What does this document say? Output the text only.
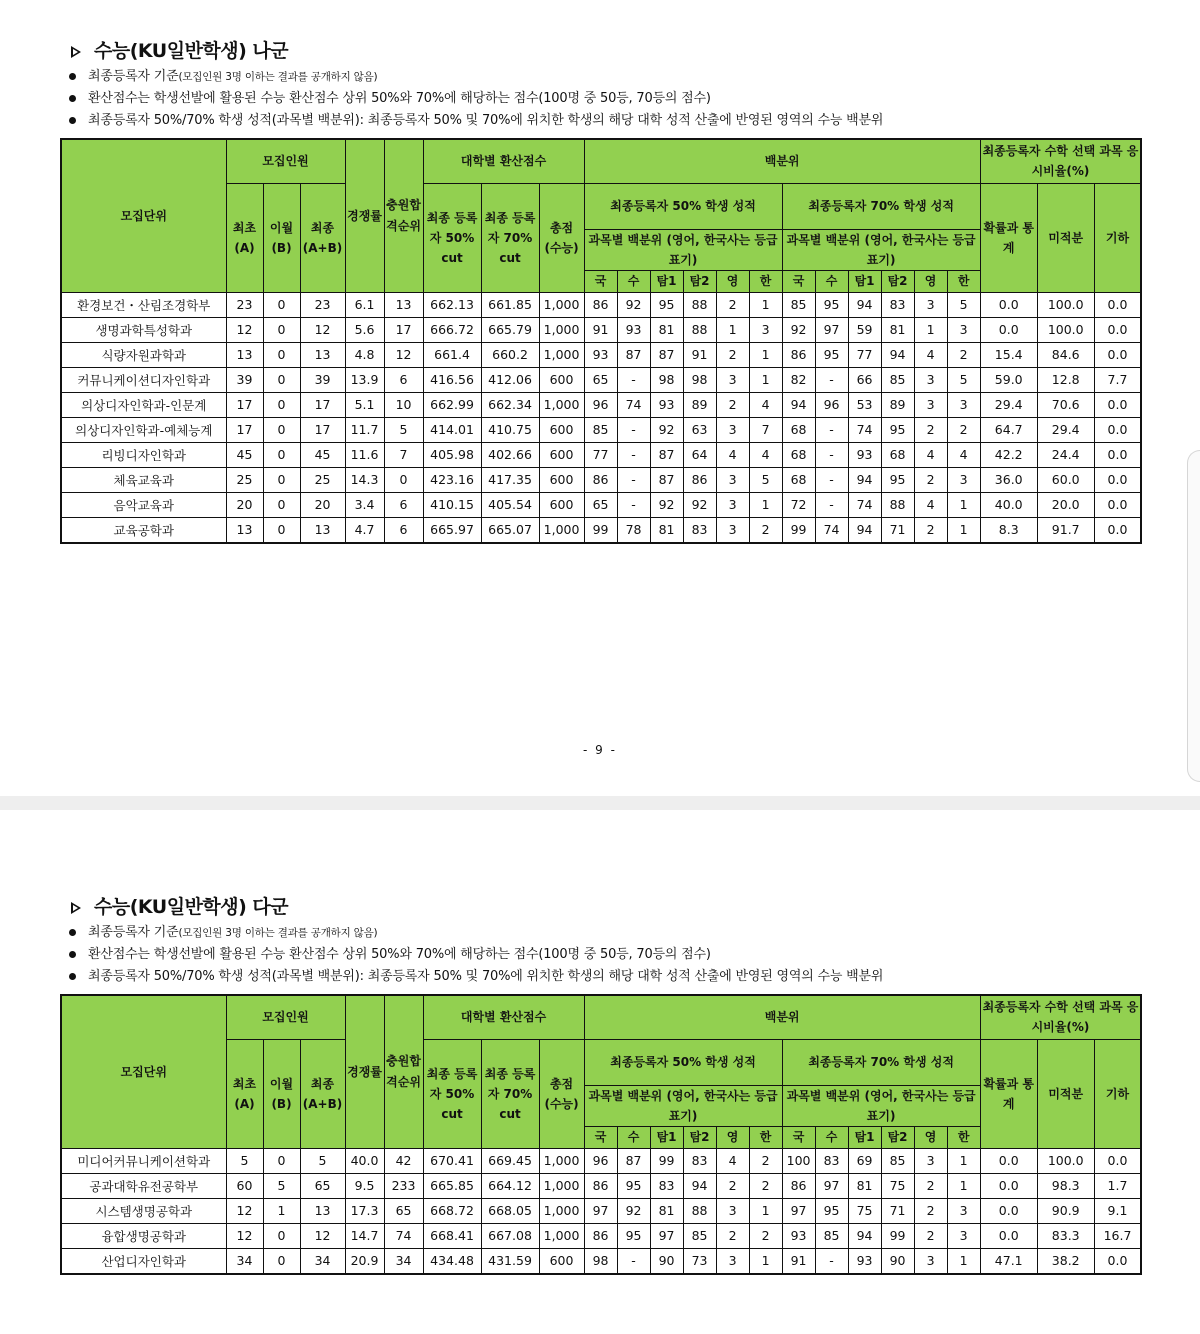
수능(KU일반학생) 나군
최종등록자 기준(모집인원 3명 이하는 결과를 공개하지 않음)
환산점수는 학생선발에 활용된 수능 환산점수 상위 50%와 70%에 해당하는 점수(100명 중 50등, 70등의 점수)
최종등록자 50%/70% 학생 성적(과목별 백분위): 최종등록자 50% 및 70%에 위치한 학생의 해당 대학 성적 산출에 반영된 영역의 수능 백분위
모집단위	모집인원			경쟁률	충원합격순위	대학별 환산점수			백분위												최종등록자 수학 선택 과목 응시비율(%)		
	최초 (A)	이월 (B)	최종 (A+B)			최종 등록자 50% cut	최종 등록자 70% cut	총점 (수능)	최종등록자 50% 학생 성적						최종등록자 70% 학생 성적						확률과 통계	미적분	기하
									과목별 백분위 (영어, 한국사는 등급 표기)						과목별 백분위 (영어, 한국사는 등급 표기)								
									국	수	탐1	탐2	영	한	국	수	탐1	탐2	영	한			
환경보건・산림조경학부	23	0	23	6.1	13	662.13	661.85	1,000	86	92	95	88	2	1	85	95	94	83	3	5	0.0	100.0	0.0
생명과학특성학과	12	0	12	5.6	17	666.72	665.79	1,000	91	93	81	88	1	3	92	97	59	81	1	3	0.0	100.0	0.0
식량자원과학과	13	0	13	4.8	12	661.4	660.2	1,000	93	87	87	91	2	1	86	95	77	94	4	2	15.4	84.6	0.0
커뮤니케이션디자인학과	39	0	39	13.9	6	416.56	412.06	600	65	-	98	98	3	1	82	-	66	85	3	5	59.0	12.8	7.7
의상디자인학과-인문계	17	0	17	5.1	10	662.99	662.34	1,000	96	74	93	89	2	4	94	96	53	89	3	3	29.4	70.6	0.0
의상디자인학과-예체능계	17	0	17	11.7	5	414.01	410.75	600	85	-	92	63	3	7	68	-	74	95	2	2	64.7	29.4	0.0
리빙디자인학과	45	0	45	11.6	7	405.98	402.66	600	77	-	87	64	4	4	68	-	93	68	4	4	42.2	24.4	0.0
체육교육과	25	0	25	14.3	0	423.16	417.35	600	86	-	87	86	3	5	68	-	94	95	2	3	36.0	60.0	0.0
음악교육과	20	0	20	3.4	6	410.15	405.54	600	65	-	92	92	3	1	72	-	74	88	4	1	40.0	20.0	0.0
교육공학과	13	0	13	4.7	6	665.97	665.07	1,000	99	78	81	83	3	2	99	74	94	71	2	1	8.3	91.7	0.0
- 9 -
수능(KU일반학생) 다군
최종등록자 기준(모집인원 3명 이하는 결과를 공개하지 않음)
환산점수는 학생선발에 활용된 수능 환산점수 상위 50%와 70%에 해당하는 점수(100명 중 50등, 70등의 점수)
최종등록자 50%/70% 학생 성적(과목별 백분위): 최종등록자 50% 및 70%에 위치한 학생의 해당 대학 성적 산출에 반영된 영역의 수능 백분위
모집단위	모집인원			경쟁률	충원합격순위	대학별 환산점수			백분위												최종등록자 수학 선택 과목 응시비율(%)		
	최초 (A)	이월 (B)	최종 (A+B)			최종 등록자 50% cut	최종 등록자 70% cut	총점 (수능)	최종등록자 50% 학생 성적						최종등록자 70% 학생 성적						확률과 통계	미적분	기하
									과목별 백분위 (영어, 한국사는 등급 표기)						과목별 백분위 (영어, 한국사는 등급 표기)								
									국	수	탐1	탐2	영	한	국	수	탐1	탐2	영	한			
미디어커뮤니케이션학과	5	0	5	40.0	42	670.41	669.45	1,000	96	87	99	83	4	2	100	83	69	85	3	1	0.0	100.0	0.0
공과대학유전공학부	60	5	65	9.5	233	665.85	664.12	1,000	86	95	83	94	2	2	86	97	81	75	2	1	0.0	98.3	1.7
시스템생명공학과	12	1	13	17.3	65	668.72	668.05	1,000	97	92	81	88	3	1	97	95	75	71	2	3	0.0	90.9	9.1
융합생명공학과	12	0	12	14.7	74	668.41	667.08	1,000	86	95	97	85	2	2	93	85	94	99	2	3	0.0	83.3	16.7
산업디자인학과	34	0	34	20.9	34	434.48	431.59	600	98	-	90	73	3	1	91	-	93	90	3	1	47.1	38.2	0.0
